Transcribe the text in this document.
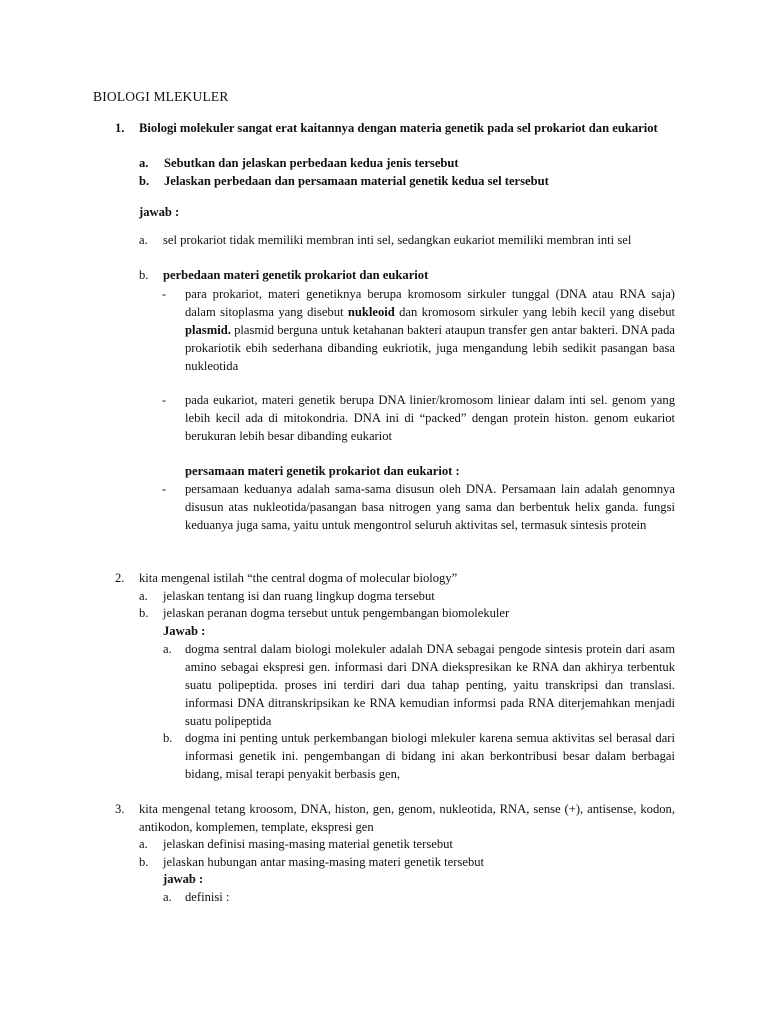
BIOLOGI MLEKULER
1. Biologi molekuler sangat erat kaitannya dengan materia genetik pada sel prokariot dan eukariot

a. Sebutkan dan jelaskan perbedaan kedua jenis tersebut

b. Jelaskan perbedaan dan persamaan material genetik kedua sel tersebut

jawab :

a. sel prokariot tidak memiliki membran inti sel, sedangkan eukariot memiliki membran inti sel

b. perbedaan materi genetik prokariot dan eukariot

- para prokariot, materi genetiknya berupa kromosom sirkuler tunggal (DNA atau RNA saja) dalam sitoplasma yang disebut nukleoid dan kromosom sirkuler yang lebih kecil yang disebut plasmid. plasmid berguna untuk ketahanan bakteri ataupun transfer gen antar bakteri. DNA pada prokariotik ebih sederhana dibanding eukriotik, juga mengandung lebih sedikit pasangan basa nukleotida

- pada eukariot, materi genetik berupa DNA linier/kromosom liniear dalam inti sel. genom yang lebih kecil ada di mitokondria. DNA ini di “packed” dengan protein histon. genom eukariot berukuran lebih besar dibanding eukariot

persamaan materi genetik prokariot dan eukariot :

- persamaan keduanya adalah sama-sama disusun oleh DNA. Persamaan lain adalah genomnya disusun atas nukleotida/pasangan basa nitrogen yang sama dan berbentuk helix ganda. fungsi keduanya juga sama, yaitu untuk mengontrol seluruh aktivitas sel, termasuk sintesis protein

2. kita mengenal istilah “the central dogma of molecular biology”

a. jelaskan tentang isi dan ruang lingkup dogma tersebut

b. jelaskan peranan dogma tersebut untuk pengembangan biomolekuler

Jawab :

a. dogma sentral dalam biologi molekuler adalah DNA sebagai pengode sintesis protein dari asam amino sebagai ekspresi gen. informasi dari DNA diekspresikan ke RNA dan akhirya terbentuk suatu polipeptida. proses ini terdiri dari dua tahap penting, yaitu transkripsi dan translasi. informasi DNA ditranskripsikan ke RNA kemudian informsi pada RNA diterjemahkan menjadi suatu polipeptida

b. dogma ini penting untuk perkembangan biologi mlekuler karena semua aktivitas sel berasal dari informasi genetik ini. pengembangan di bidang ini akan berkontribusi besar dalam berbagai bidang, misal terapi penyakit berbasis gen,

3. kita mengenal tetang kroosom, DNA, histon, gen, genom, nukleotida, RNA, sense (+), antisense, kodon, antikodon, komplemen, template, ekspresi gen

a. jelaskan definisi masing-masing material genetik tersebut

b. jelaskan hubungan antar masing-masing materi genetik tersebut

jawab :

a. definisi :
